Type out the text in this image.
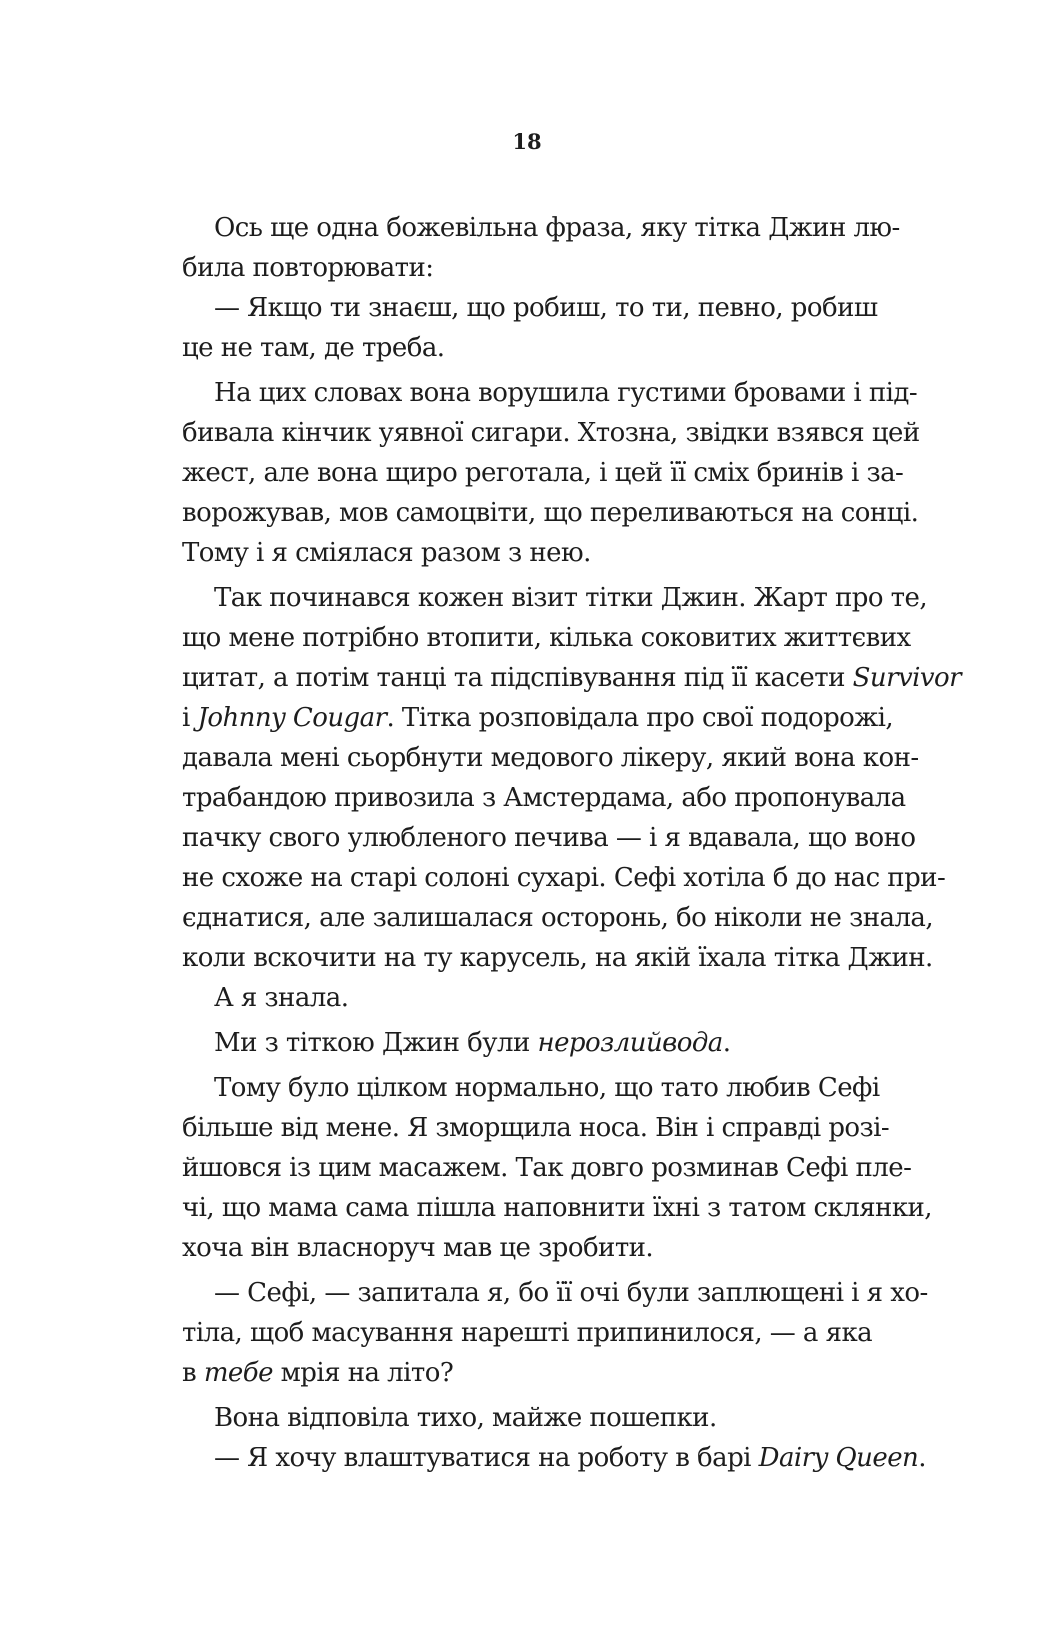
18
Ось ще одна божевільна фраза, яку тітка Джин лю-
била повторювати:
— Якщо ти знаєш, що робиш, то ти, певно, робиш
це не там, де треба.
На цих словах вона ворушила густими бровами і під-
бивала кінчик уявної сигари. Хтозна, звідки взявся цей
жест, але вона щиро реготала, і цей її сміх бринів і за-
ворожував, мов самоцвіти, що переливаються на сонці.
Тому і я сміялася разом з нею.
Так починався кожен візит тітки Джин. Жарт про те,
що мене потрібно втопити, кілька соковитих життєвих
цитат, а потім танці та підспівування під її касети Survivor
і Johnny Cougar. Тітка розповідала про свої подорожі,
давала мені сьорбнути медового лікеру, який вона кон-
трабандою привозила з Амстердама, або пропонувала
пачку свого улюбленого печива — і я вдавала, що воно
не схоже на старі солоні сухарі. Сефі хотіла б до нас при-
єднатися, але залишалася осторонь, бо ніколи не знала,
коли вскочити на ту карусель, на якій їхала тітка Джин.
А я знала.
Ми з тіткою Джин були нерозлийвода.
Тому було цілком нормально, що тато любив Сефі
більше від мене. Я зморщила носа. Він і справді розі-
йшовся із цим масажем. Так довго розминав Сефі пле-
чі, що мама сама пішла наповнити їхні з татом склянки,
хоча він власноруч мав це зробити.
— Сефі, — запитала я, бо її очі були заплющені і я хо-
тіла, щоб масування нарешті припинилося, — а яка
в тебе мрія на літо?
Вона відповіла тихо, майже пошепки.
— Я хочу влаштуватися на роботу в барі Dairy Queen.
